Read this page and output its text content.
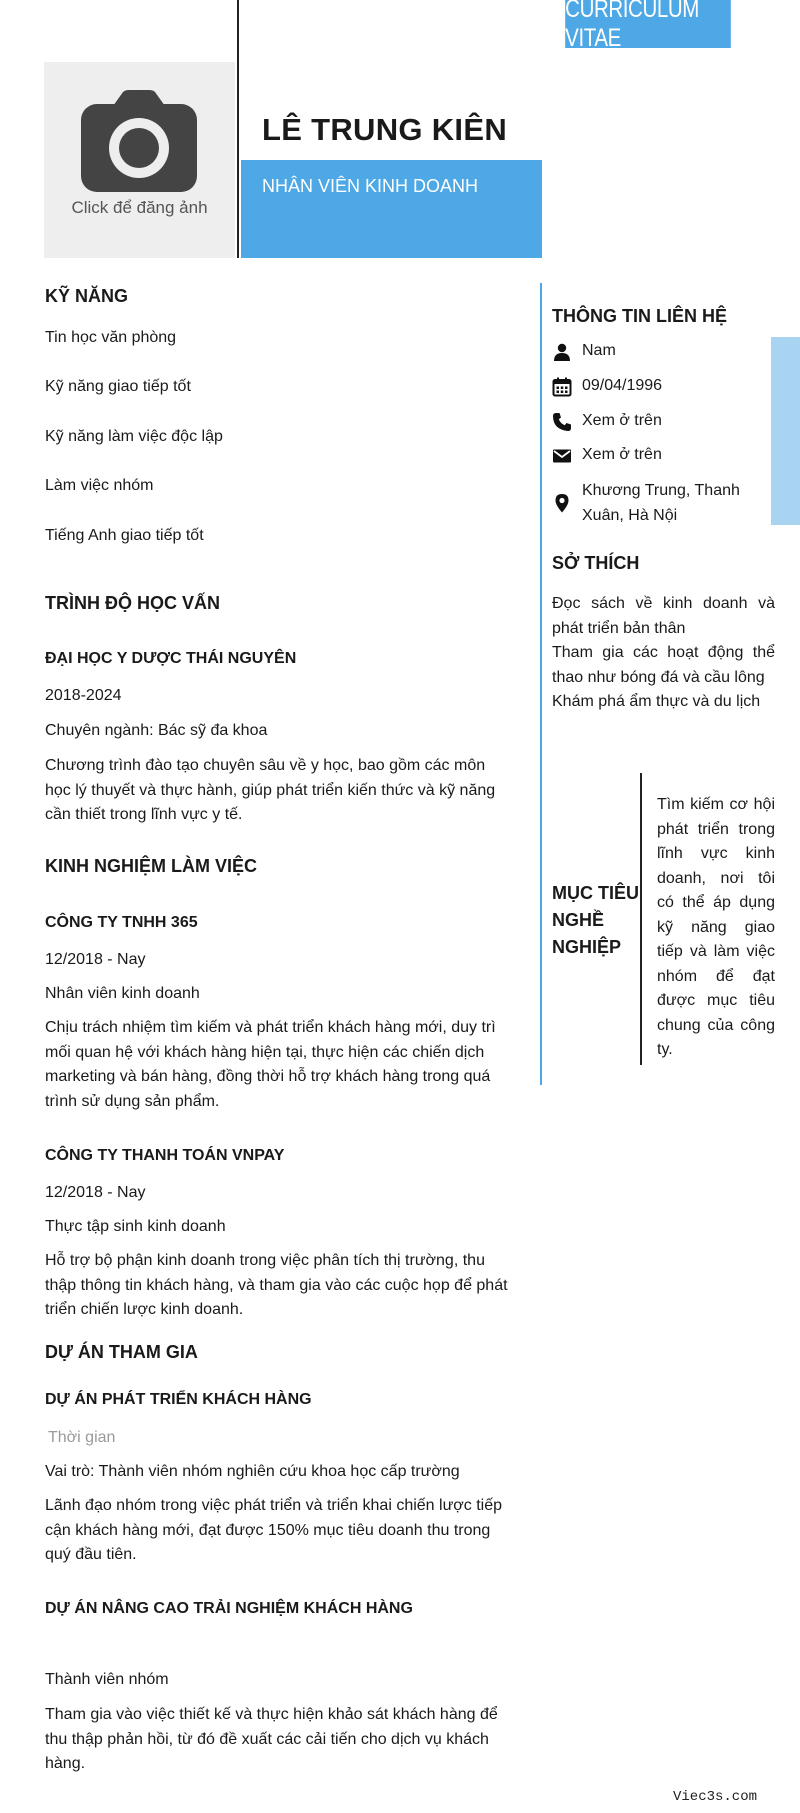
CURRICULUM VITAE
Click để đăng ảnh
LÊ TRUNG KIÊN
NHÂN VIÊN KINH DOANH
KỸ NĂNG
Tin học văn phòng
Kỹ năng giao tiếp tốt
Kỹ năng làm việc độc lập
Làm việc nhóm
Tiếng Anh giao tiếp tốt
TRÌNH ĐỘ HỌC VẤN
ĐẠI HỌC Y DƯỢC THÁI NGUYÊN
2018-2024
Chuyên ngành: Bác sỹ đa khoa
Chương trình đào tạo chuyên sâu về y học, bao gồm các môn học lý thuyết và thực hành, giúp phát triển kiến thức và kỹ năng cần thiết trong lĩnh vực y tế.
KINH NGHIỆM LÀM VIỆC
CÔNG TY TNHH 365
12/2018 - Nay
Nhân viên kinh doanh
Chịu trách nhiệm tìm kiếm và phát triển khách hàng mới, duy trì mối quan hệ với khách hàng hiện tại, thực hiện các chiến dịch marketing và bán hàng, đồng thời hỗ trợ khách hàng trong quá trình sử dụng sản phẩm.
CÔNG TY THANH TOÁN VNPAY
12/2018 - Nay
Thực tập sinh kinh doanh
Hỗ trợ bộ phận kinh doanh trong việc phân tích thị trường, thu thập thông tin khách hàng, và tham gia vào các cuộc họp để phát triển chiến lược kinh doanh.
DỰ ÁN THAM GIA
DỰ ÁN PHÁT TRIỂN KHÁCH HÀNG
Thời gian
Vai trò: Thành viên nhóm nghiên cứu khoa học cấp trường
Lãnh đạo nhóm trong việc phát triển và triển khai chiến lược tiếp cận khách hàng mới, đạt được 150% mục tiêu doanh thu trong quý đầu tiên.
DỰ ÁN NÂNG CAO TRẢI NGHIỆM KHÁCH HÀNG
Thành viên nhóm
Tham gia vào việc thiết kế và thực hiện khảo sát khách hàng để thu thập phản hồi, từ đó đề xuất các cải tiến cho dịch vụ khách hàng.
THÔNG TIN LIÊN HỆ
Nam
09/04/1996
Xem ở trên
Xem ở trên
Khương Trung, Thanh Xuân, Hà Nội
SỞ THÍCH
Đọc sách về kinh doanh và phát triển bản thân
Tham gia các hoạt động thể thao như bóng đá và cầu lông
Khám phá ẩm thực và du lịch
MỤC TIÊU NGHỀ NGHIỆP
Tìm kiếm cơ hội phát triển trong lĩnh vực kinh doanh, nơi tôi có thể áp dụng kỹ năng giao tiếp và làm việc nhóm để đạt được mục tiêu chung của công ty.
Viec3s.com
